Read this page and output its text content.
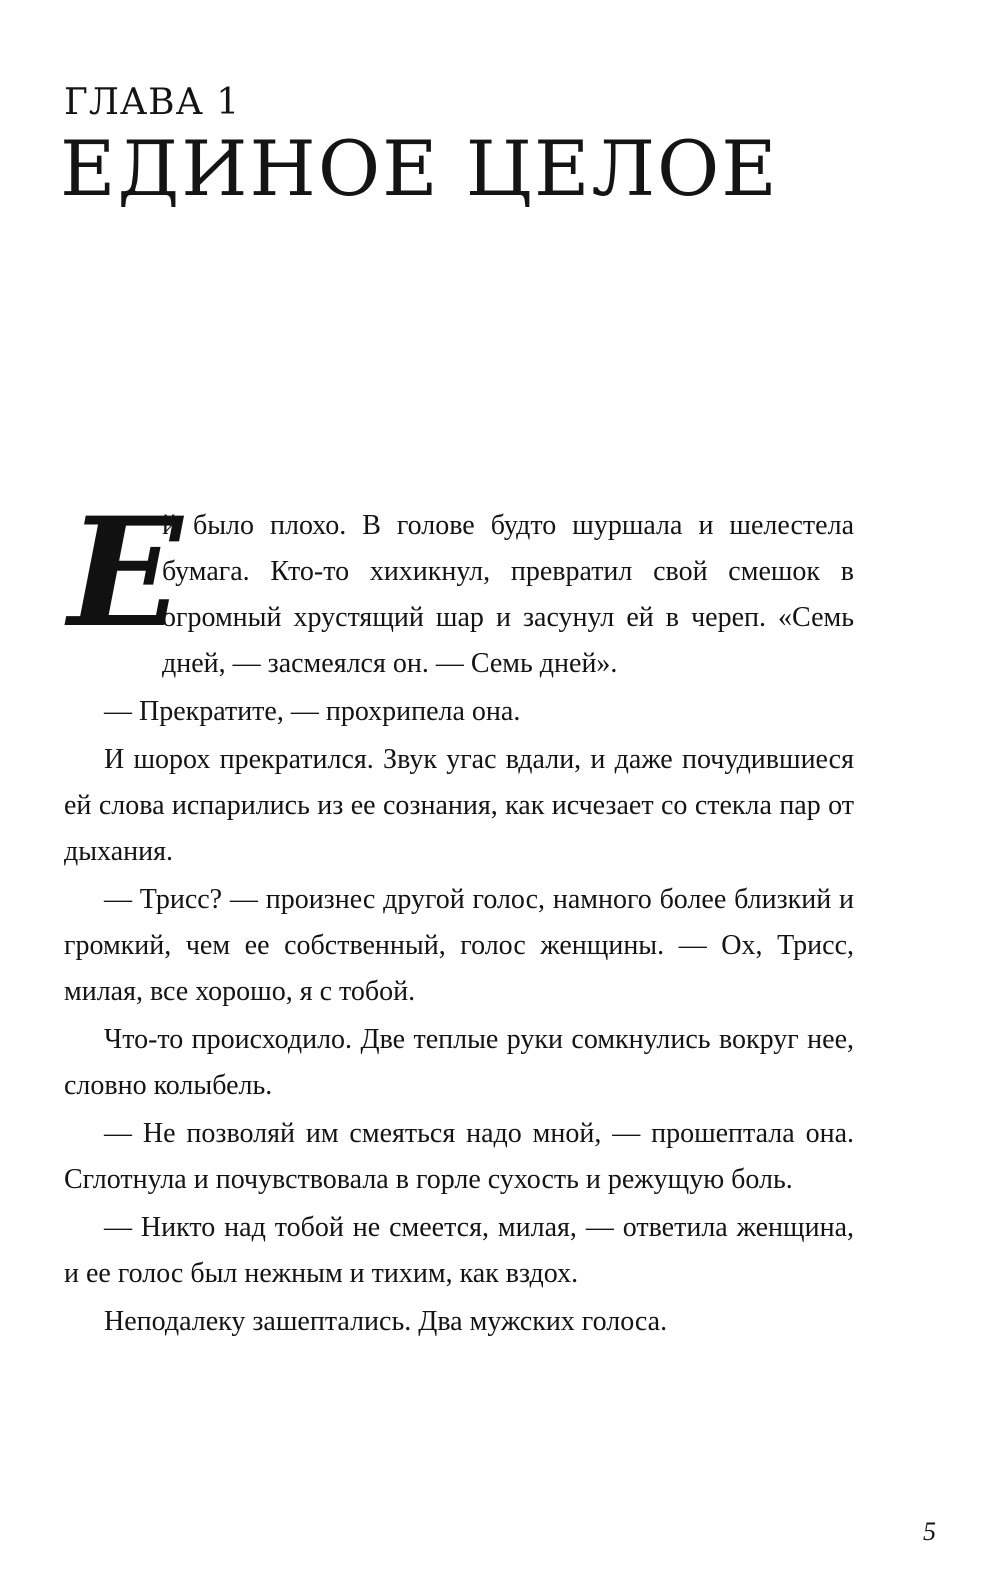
ГЛАВА 1
ЕДИНОЕ ЦЕЛОЕ

Е
й было плохо. В голове будто шуршала и шелестела бумага. Кто-то хихикнул, превратил свой смешок в огромный хрустящий шар и засунул ей в череп. «Семь дней, — засмеялся он. — Семь дней».

— Прекратите, — прохрипела она.

И шорох прекратился. Звук угас вдали, и даже почудившиеся ей слова испарились из ее сознания, как исчезает со стекла пар от дыхания.

— Трисс? — произнес другой голос, намного более близкий и громкий, чем ее собственный, голос женщины. — Ох, Трисс, милая, все хорошо, я с тобой.

Что-то происходило. Две теплые руки сомкнулись вокруг нее, словно колыбель.

— Не позволяй им смеяться надо мной, — прошептала она. Сглотнула и почувствовала в горле сухость и режущую боль.

— Никто над тобой не смеется, милая, — ответила женщина, и ее голос был нежным и тихим, как вздох.

Неподалеку зашептались. Два мужских голоса.

5
